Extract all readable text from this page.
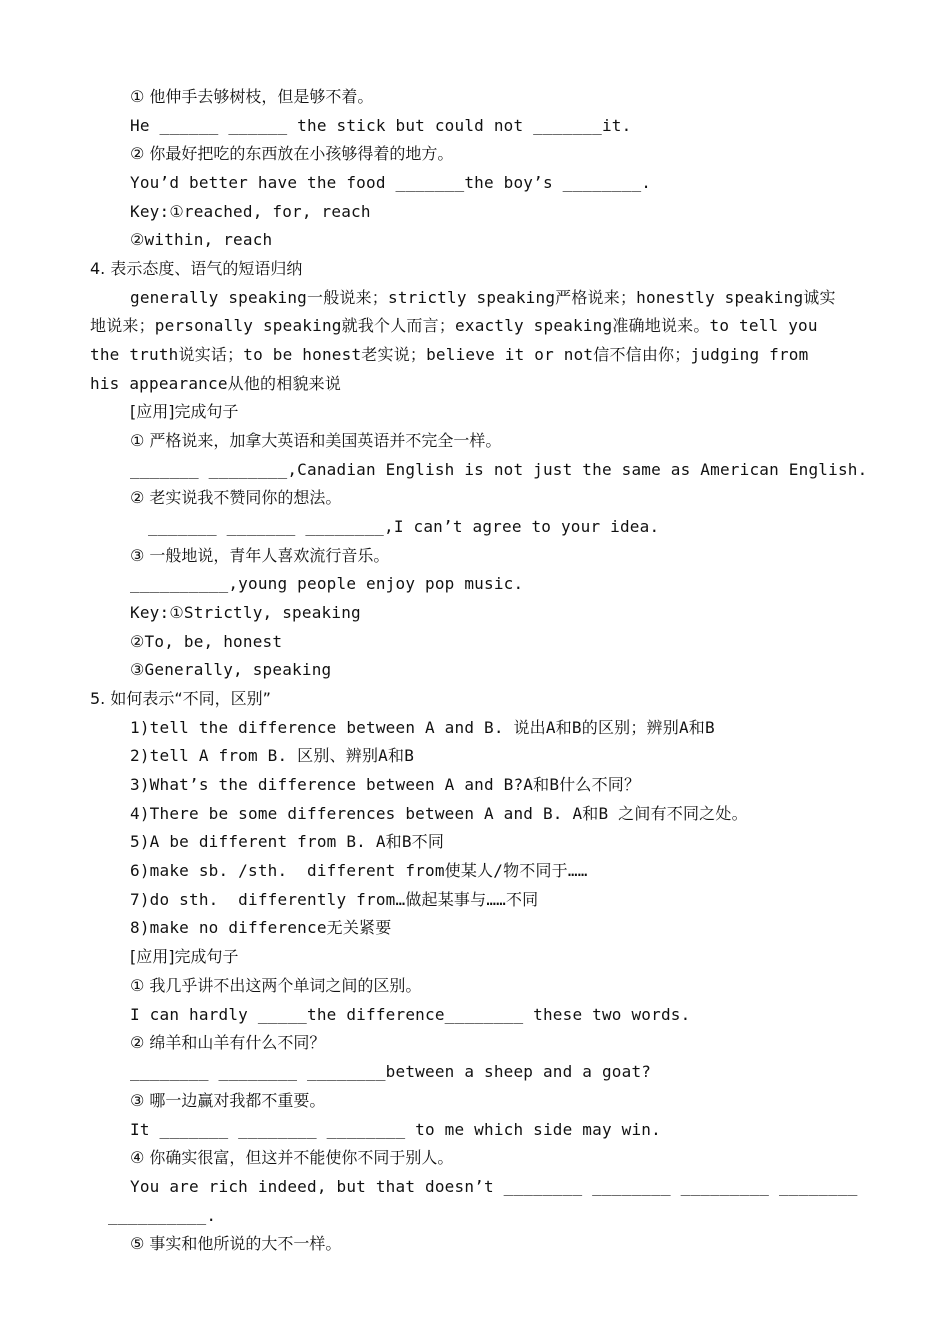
① 他伸手去够树枝，但是够不着。
He ______ ______ the stick but could not _______it.
② 你最好把吃的东西放在小孩够得着的地方。
You’d better have the food _______the boy’s ________.
Key:①reached, for, reach
②within, reach
4. 表示态度、语气的短语归纳
generally speaking一般说来；strictly speaking严格说来；honestly speaking诚实
地说来；personally speaking就我个人而言；exactly speaking准确地说来。to tell you
the truth说实话；to be honest老实说；believe it or not信不信由你；judging from
his appearance从他的相貌来说
[应用]完成句子
① 严格说来，加拿大英语和美国英语并不完全一样。
_______ ________,Canadian English is not just the same as American English.
② 老实说我不赞同你的想法。
_______ _______ ________,I can’t agree to your idea.
③ 一般地说，青年人喜欢流行音乐。
__________,young people enjoy pop music.
Key:①Strictly, speaking
②To, be, honest
③Generally, speaking
5. 如何表示“不同，区别”
1)tell the difference between A and B. 说出A和B的区别；辨别A和B
2)tell A from B. 区别、辨别A和B
3)What’s the difference between A and B?A和B什么不同？
4)There be some differences between A and B. A和B 之间有不同之处。
5)A be different from B. A和B不同
6)make sb. /sth.  different from使某人/物不同于……
7)do sth.  differently from…做起某事与……不同
8)make no difference无关紧要
[应用]完成句子
① 我几乎讲不出这两个单词之间的区别。
I can hardly _____the difference________ these two words.
② 绵羊和山羊有什么不同？
________ ________ ________between a sheep and a goat?
③ 哪一边赢对我都不重要。
It _______ ________ ________ to me which side may win.
④ 你确实很富，但这并不能使你不同于别人。
You are rich indeed, but that doesn’t ________ ________ _________ ________
__________.
⑤ 事实和他所说的大不一样。
